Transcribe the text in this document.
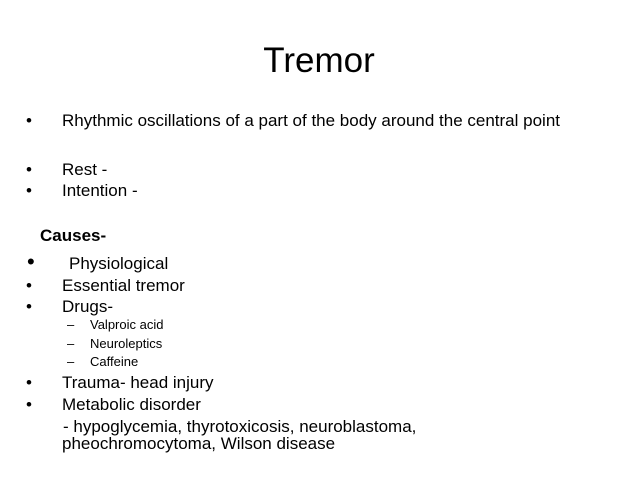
Tremor
• Rhythmic oscillations of a part of the body around the central point
• Rest -
• Intention -
Causes-
• Physiological
• Essential tremor
• Drugs-
– Valproic acid
– Neuroleptics
– Caffeine
• Trauma- head injury
• Metabolic disorder
- hypoglycemia, thyrotoxicosis, neuroblastoma,
pheochromocytoma, Wilson disease
